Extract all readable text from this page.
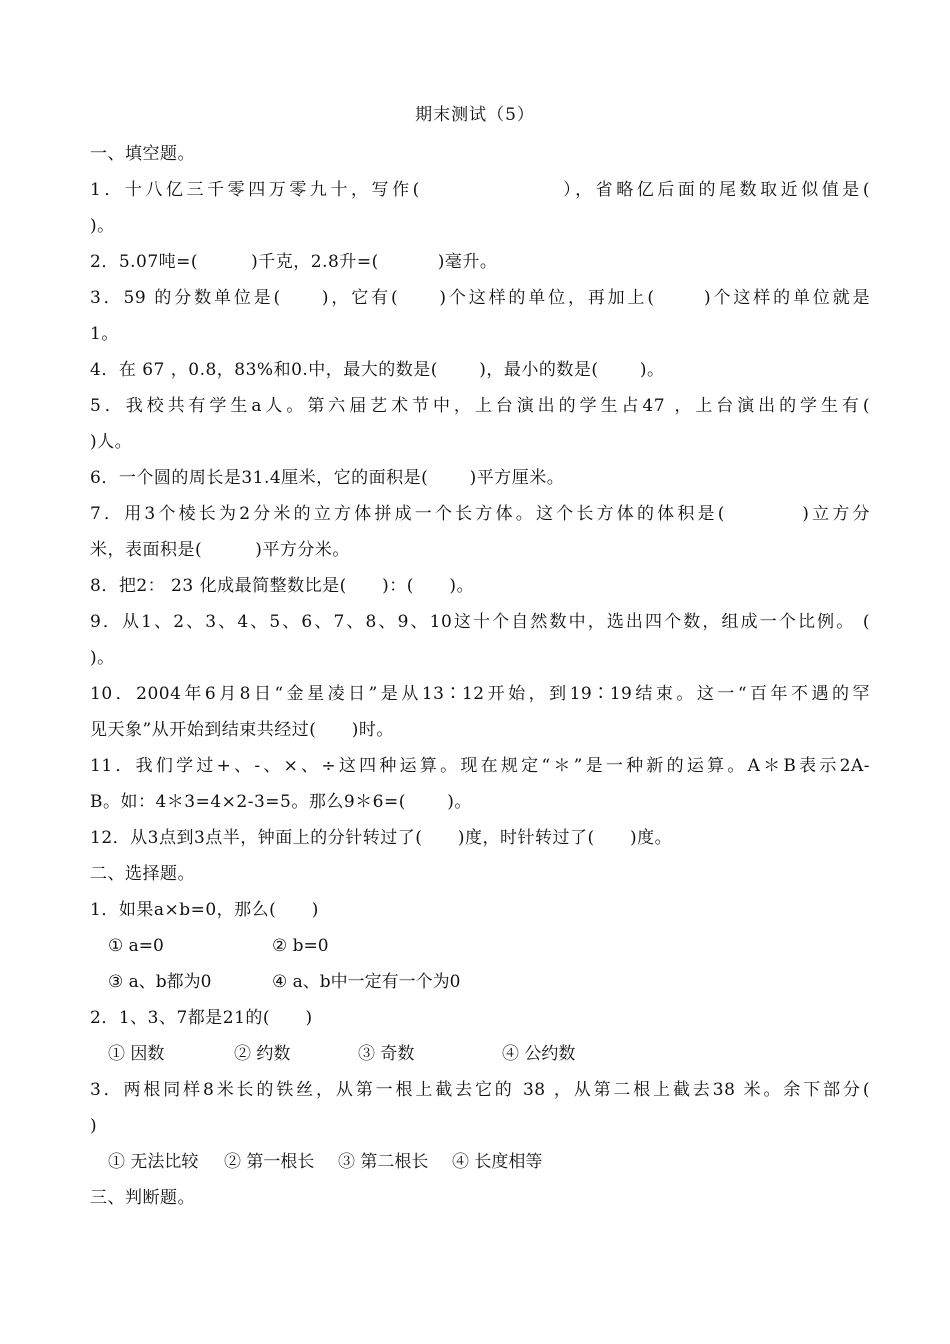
期末测试（5）
一、填空题。
1．十八亿三千零四万零九十，写作(                ），省略亿后面的尾数取近似值是(
)。
2．5.07吨=(         )千克，2.8升=(          )毫升。
3．59 的分数单位是(     )，它有(     )个这样的单位，再加上(      )个这样的单位就是
1。
4．在 67 ，0.8，83%和0.中，最大的数是(       )，最小的数是(       )。
5．我校共有学生a人。第六届艺术节中，上台演出的学生占47 ，上台演出的学生有(
)人。
6．一个圆的周长是31.4厘米，它的面积是(       )平方厘米。
7．用3个棱长为2分米的立方体拼成一个长方体。这个长方体的体积是(         )立方分
米，表面积是(         )平方分米。
8．把2： 23 化成最简整数比是(      )：(      )。
9．从1、2、3、4、5、6、7、8、9、10这十个自然数中，选出四个数，组成一个比例。 (
)。
10．2004年6月8日“金星凌日”是从13∶12开始，到19∶19结束。这一“百年不遇的罕
见天象”从开始到结束共经过(      )时。
11．我们学过+、-、×、÷这四种运算。现在规定“＊”是一种新的运算。A＊B表示2A-
B。如：4＊3=4×2-3=5。那么9＊6=(       )。
12．从3点到3点半，钟面上的分针转过了(      )度，时针转过了(      )度。
二、选择题。
1．如果a×b=0，那么(      )
① a=0	② b=0
③ a、b都为0	④ a、b中一定有一个为0
2．1、3、7都是21的(      )
① 因数	② 约数	③ 奇数	④ 公约数
3．两根同样8米长的铁丝，从第一根上截去它的 38 ，从第二根上截去38 米。余下部分(
)
① 无法比较 ② 第一根长 ③ 第二根长 ④ 长度相等
三、判断题。
